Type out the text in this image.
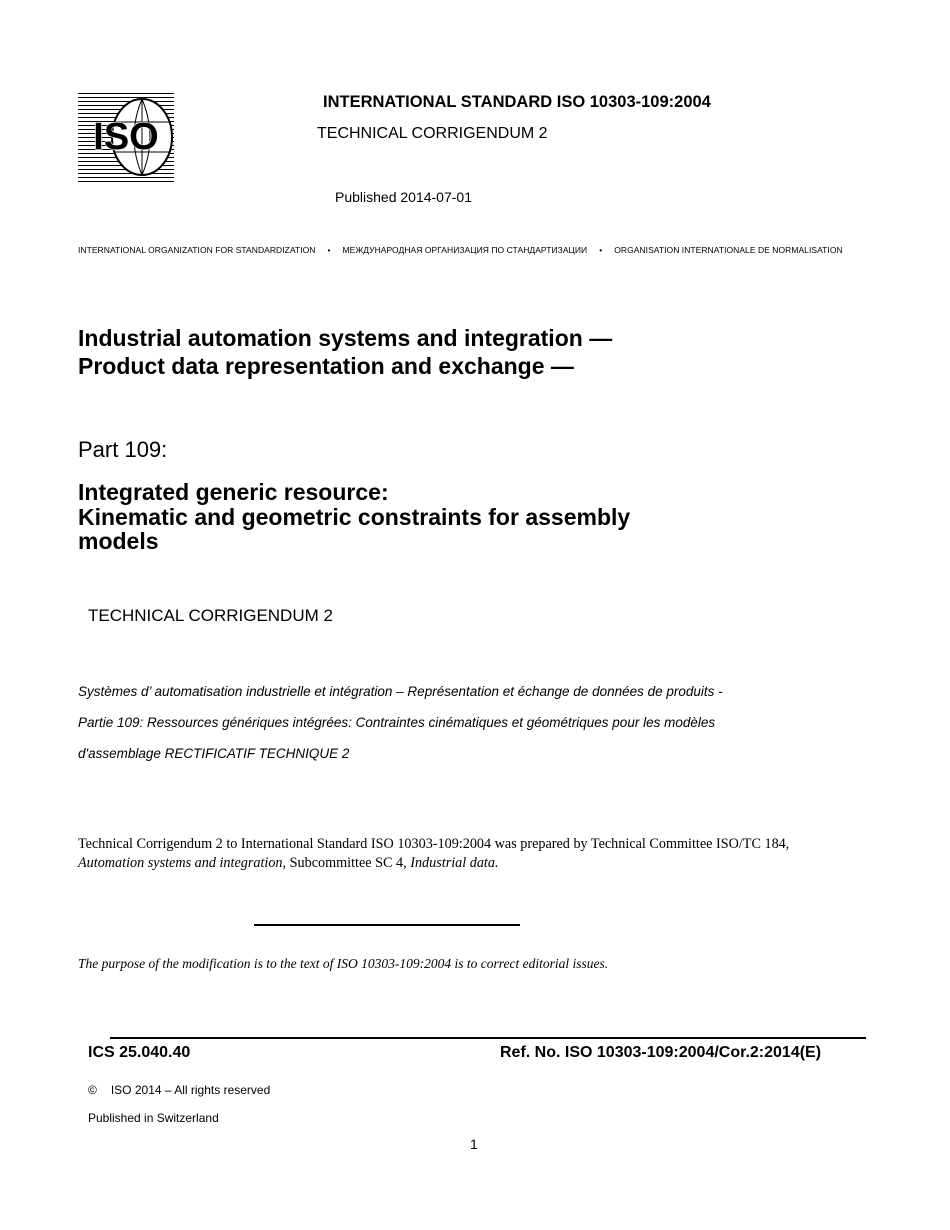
ISO
INTERNATIONAL STANDARD ISO 10303-109:2004
TECHNICAL CORRIGENDUM 2
Published 2014-07-01
INTERNATIONAL ORGANIZATION FOR STANDARDIZATION • МЕЖДУНАРОДНАЯ ОРГАНИЗАЦИЯ ПО СТАНДАРТИЗАЦИИ • ORGANISATION INTERNATIONALE DE NORMALISATION
Industrial automation systems and integration —
Product data representation and exchange —
Part 109:
Integrated generic resource:
Kinematic and geometric constraints for assembly
models
TECHNICAL CORRIGENDUM 2
Systèmes d’ automatisation industrielle et intégration – Représentation et échange de données de produits -
Partie 109: Ressources génériques intégrées: Contraintes cinématiques et géométriques pour les modèles
d'assemblage RECTIFICATIF TECHNIQUE 2
Technical Corrigendum 2 to International Standard ISO 10303-109:2004 was prepared by Technical Committee ISO/TC 184, Automation systems and integration, Subcommittee SC 4, Industrial data.
The purpose of the modification is to the text of ISO 10303-109:2004 is to correct editorial issues.
ICS 25.040.40	Ref. No. ISO 10303-109:2004/Cor.2:2014(E)
© ISO 2014 – All rights reserved
Published in Switzerland
1
